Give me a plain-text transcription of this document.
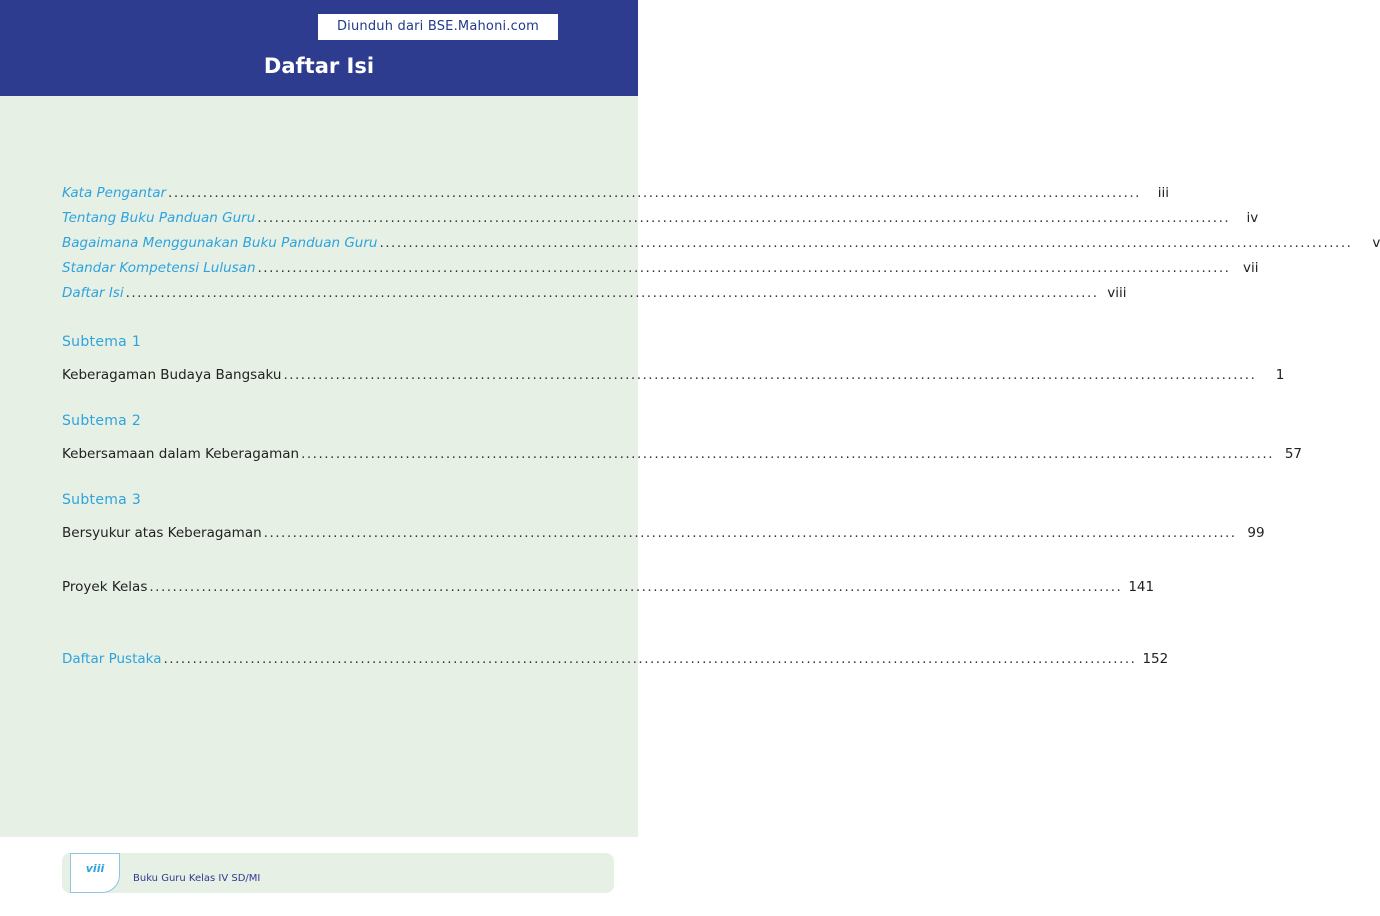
Diunduh dari BSE.Mahoni.com
Daftar Isi
Kata Pengantar ........................................................................................................................................................................	iii
Tentang Buku Panduan Guru ........................................................................................................................................................................	iv
Bagaimana Menggunakan Buku Panduan Guru ........................................................................................................................................................................	v
Standar Kompetensi Lulusan ........................................................................................................................................................................ vii
Daftar Isi ........................................................................................................................................................................ viii
Subtema 1
Keberagaman Budaya Bangsaku ........................................................................................................................................................................	1
Subtema 2
Kebersamaan dalam Keberagaman ........................................................................................................................................................................ 57
Subtema 3
Bersyukur atas Keberagaman ........................................................................................................................................................................ 99
Proyek Kelas ........................................................................................................................................................................ 141
Daftar Pustaka ........................................................................................................................................................................ 152
viii
Buku Guru Kelas IV SD/MI
